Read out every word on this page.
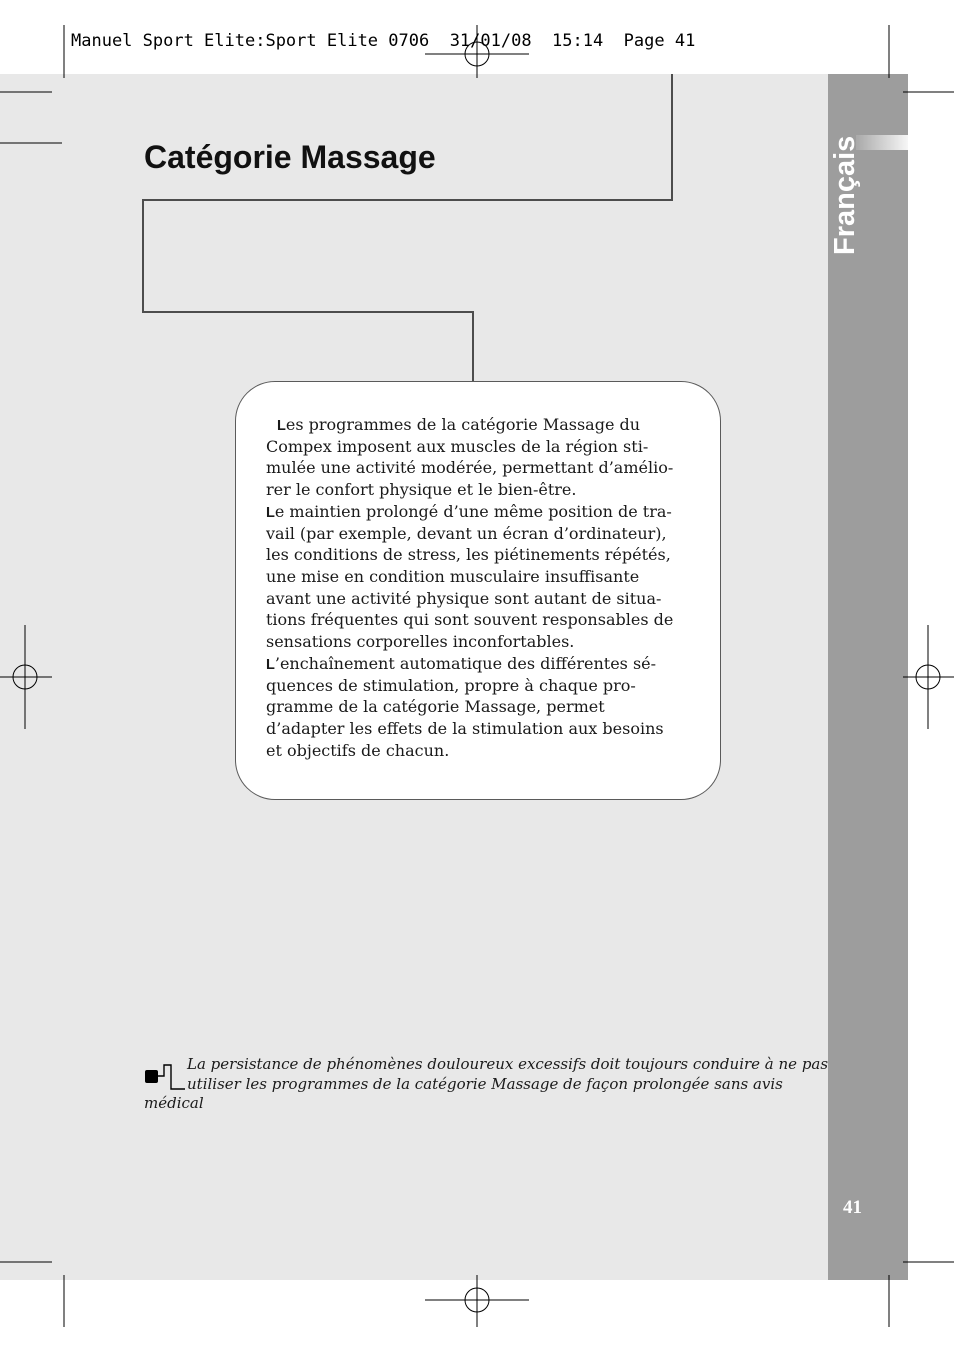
Français
41
Manuel Sport Elite:Sport Elite 0706  31/01/08  15:14  Page 41
Catégorie Massage
Les programmes de la catégorie Massage du
Compex imposent aux muscles de la région sti-
mulée une activité modérée, permettant d’amélio-
rer le confort physique et le bien-être.
Le maintien prolongé d’une même position de tra-
vail (par exemple, devant un écran d’ordinateur),
les conditions de stress, les piétinements répétés,
une mise en condition musculaire insuffisante
avant une activité physique sont autant de situa-
tions fréquentes qui sont souvent responsables de
sensations corporelles inconfortables.
L’enchaînement automatique des différentes sé-
quences de stimulation, propre à chaque pro-
gramme de la catégorie Massage, permet
d’adapter les effets de la stimulation aux besoins
et objectifs de chacun.
La persistance de phénomènes douloureux excessifs doit toujours conduire à ne pas
utiliser les programmes de la catégorie Massage de façon prolongée sans avis
médical
